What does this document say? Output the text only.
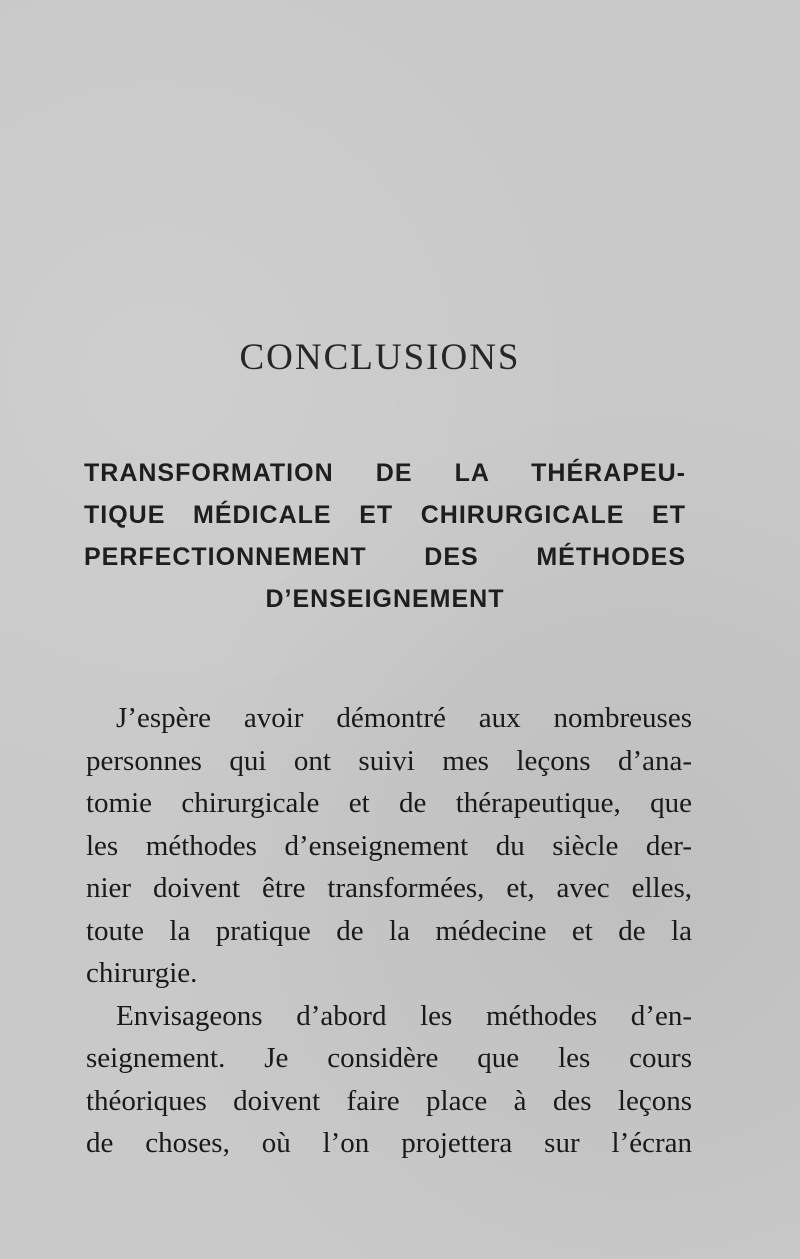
CONCLUSIONS
TRANSFORMATION DE LA THÉRAPEU-
TIQUE MÉDICALE ET CHIRURGICALE ET
PERFECTIONNEMENT DES MÉTHODES
D’ENSEIGNEMENT
J’espère avoir démontré aux nombreuses
personnes qui ont suivi mes leçons d’ana-
tomie chirurgicale et de thérapeutique, que
les méthodes d’enseignement du siècle der-
nier doivent être transformées, et, avec elles,
toute la pratique de la médecine et de la
chirurgie.
Envisageons d’abord les méthodes d’en-
seignement. Je considère que les cours
théoriques doivent faire place à des leçons
de choses, où l’on projettera sur l’écran
